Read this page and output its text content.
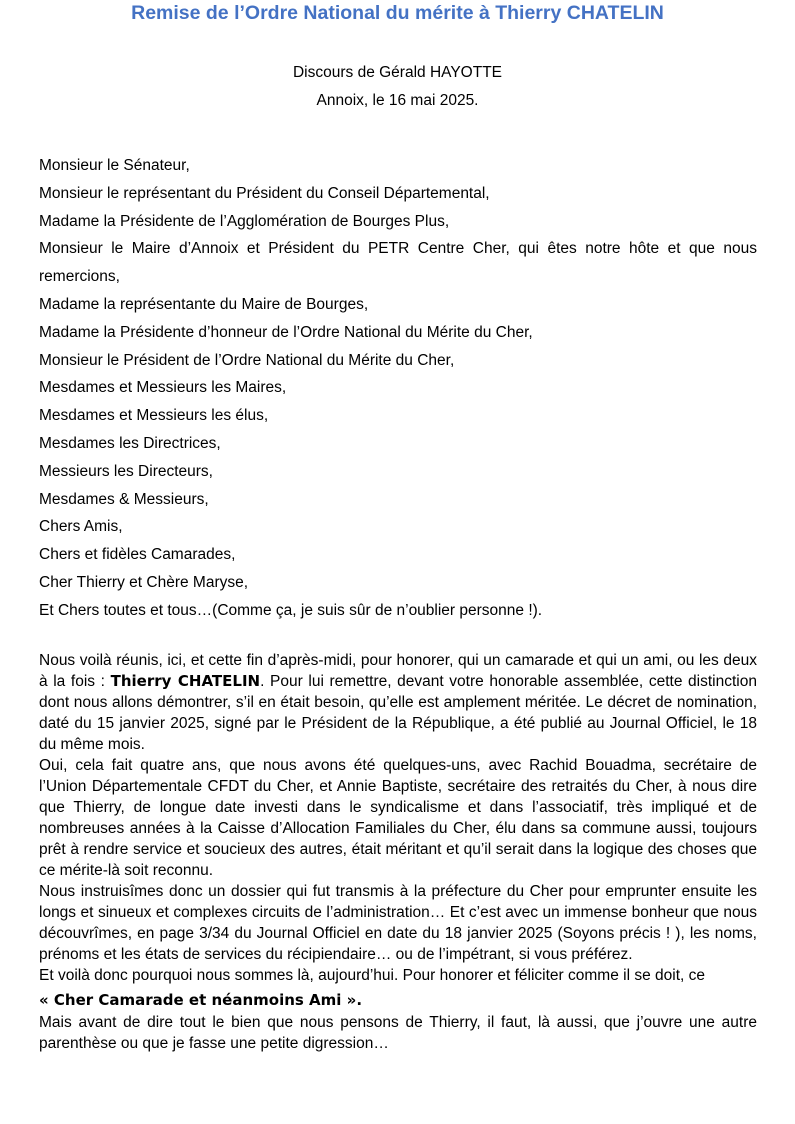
Remise de l’Ordre National du mérite à Thierry CHATELIN
Discours de Gérald HAYOTTE
Annoix, le 16 mai 2025.
Monsieur le Sénateur,
Monsieur le représentant du Président du Conseil Départemental,
Madame la Présidente de l’Agglomération de Bourges Plus,
Monsieur le Maire d’Annoix et Président du PETR Centre Cher, qui êtes notre hôte et que nous remercions,
Madame la représentante du Maire de Bourges,
Madame la Présidente d’honneur de l’Ordre National du Mérite du Cher,
Monsieur le Président de l’Ordre National du Mérite du Cher,
Mesdames et Messieurs les Maires,
Mesdames et Messieurs les élus,
Mesdames les Directrices,
Messieurs les Directeurs,
Mesdames & Messieurs,
Chers Amis,
Chers et fidèles Camarades,
Cher Thierry et Chère Maryse,
Et Chers toutes et tous…(Comme ça, je suis sûr de n’oublier personne !).

Nous voilà réunis, ici, et cette fin d’après-midi, pour honorer, qui un camarade et qui un ami, ou les deux à la fois : Thierry CHATELIN. Pour lui remettre, devant votre honorable assemblée, cette distinction dont nous allons démontrer, s’il en était besoin, qu’elle est amplement méritée. Le décret de nomination, daté du 15 janvier 2025, signé par le Président de la République, a été publié au Journal Officiel, le 18 du même mois.

Oui, cela fait quatre ans, que nous avons été quelques-uns, avec Rachid Bouadma, secrétaire de l’Union Départementale CFDT du Cher, et Annie Baptiste, secrétaire des retraités du Cher, à nous dire que Thierry, de longue date investi dans le syndicalisme et dans l’associatif, très impliqué et de nombreuses années à la Caisse d’Allocation Familiales du Cher, élu dans sa commune aussi, toujours prêt à rendre service et soucieux des autres, était méritant et qu’il serait dans la logique des choses que ce mérite-là soit reconnu.

Nous instruisîmes donc un dossier qui fut transmis à la préfecture du Cher pour emprunter ensuite les longs et sinueux et complexes circuits de l’administration… Et c’est avec un immense bonheur que nous découvrîmes, en page 3/34 du Journal Officiel en date du 18 janvier 2025 (Soyons précis ! ), les noms, prénoms et les états de services du récipiendaire… ou de l’impétrant, si vous préférez.

Et voilà donc pourquoi nous sommes là, aujourd’hui. Pour honorer et féliciter comme il se doit, ce
« Cher Camarade et néanmoins Ami ».

Mais avant de dire tout le bien que nous pensons de Thierry, il faut, là aussi, que j’ouvre une autre parenthèse ou que je fasse une petite digression…
